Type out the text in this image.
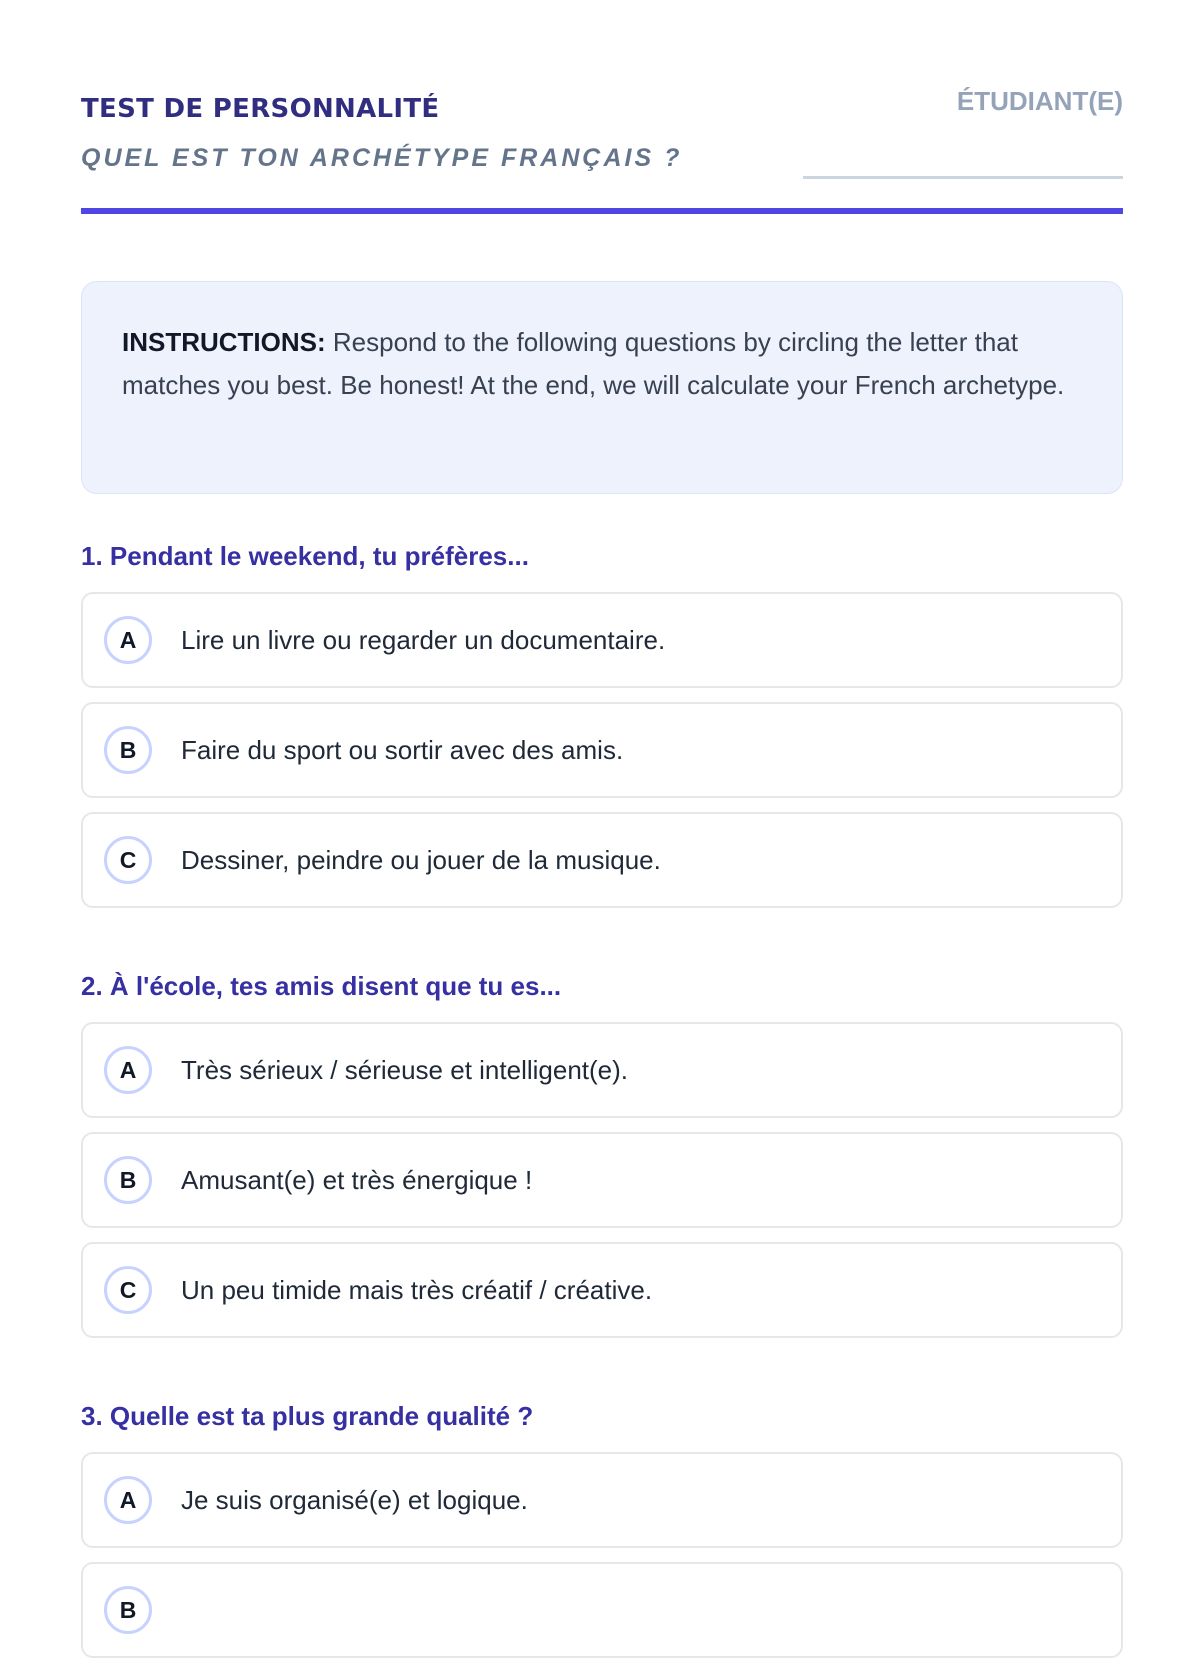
TEST DE PERSONNALITÉ
QUEL EST TON ARCHÉTYPE FRANÇAIS ?
ÉTUDIANT(E)
INSTRUCTIONS: Respond to the following questions by circling the letter that matches you best. Be honest! At the end, we will calculate your French archetype.
1. Pendant le weekend, tu préfères...
A	Lire un livre ou regarder un documentaire.
B	Faire du sport ou sortir avec des amis.
C	Dessiner, peindre ou jouer de la musique.
2. À l'école, tes amis disent que tu es...
A	Très sérieux / sérieuse et intelligent(e).
B	Amusant(e) et très énergique !
C	Un peu timide mais très créatif / créative.
3. Quelle est ta plus grande qualité ?
A	Je suis organisé(e) et logique.
B
